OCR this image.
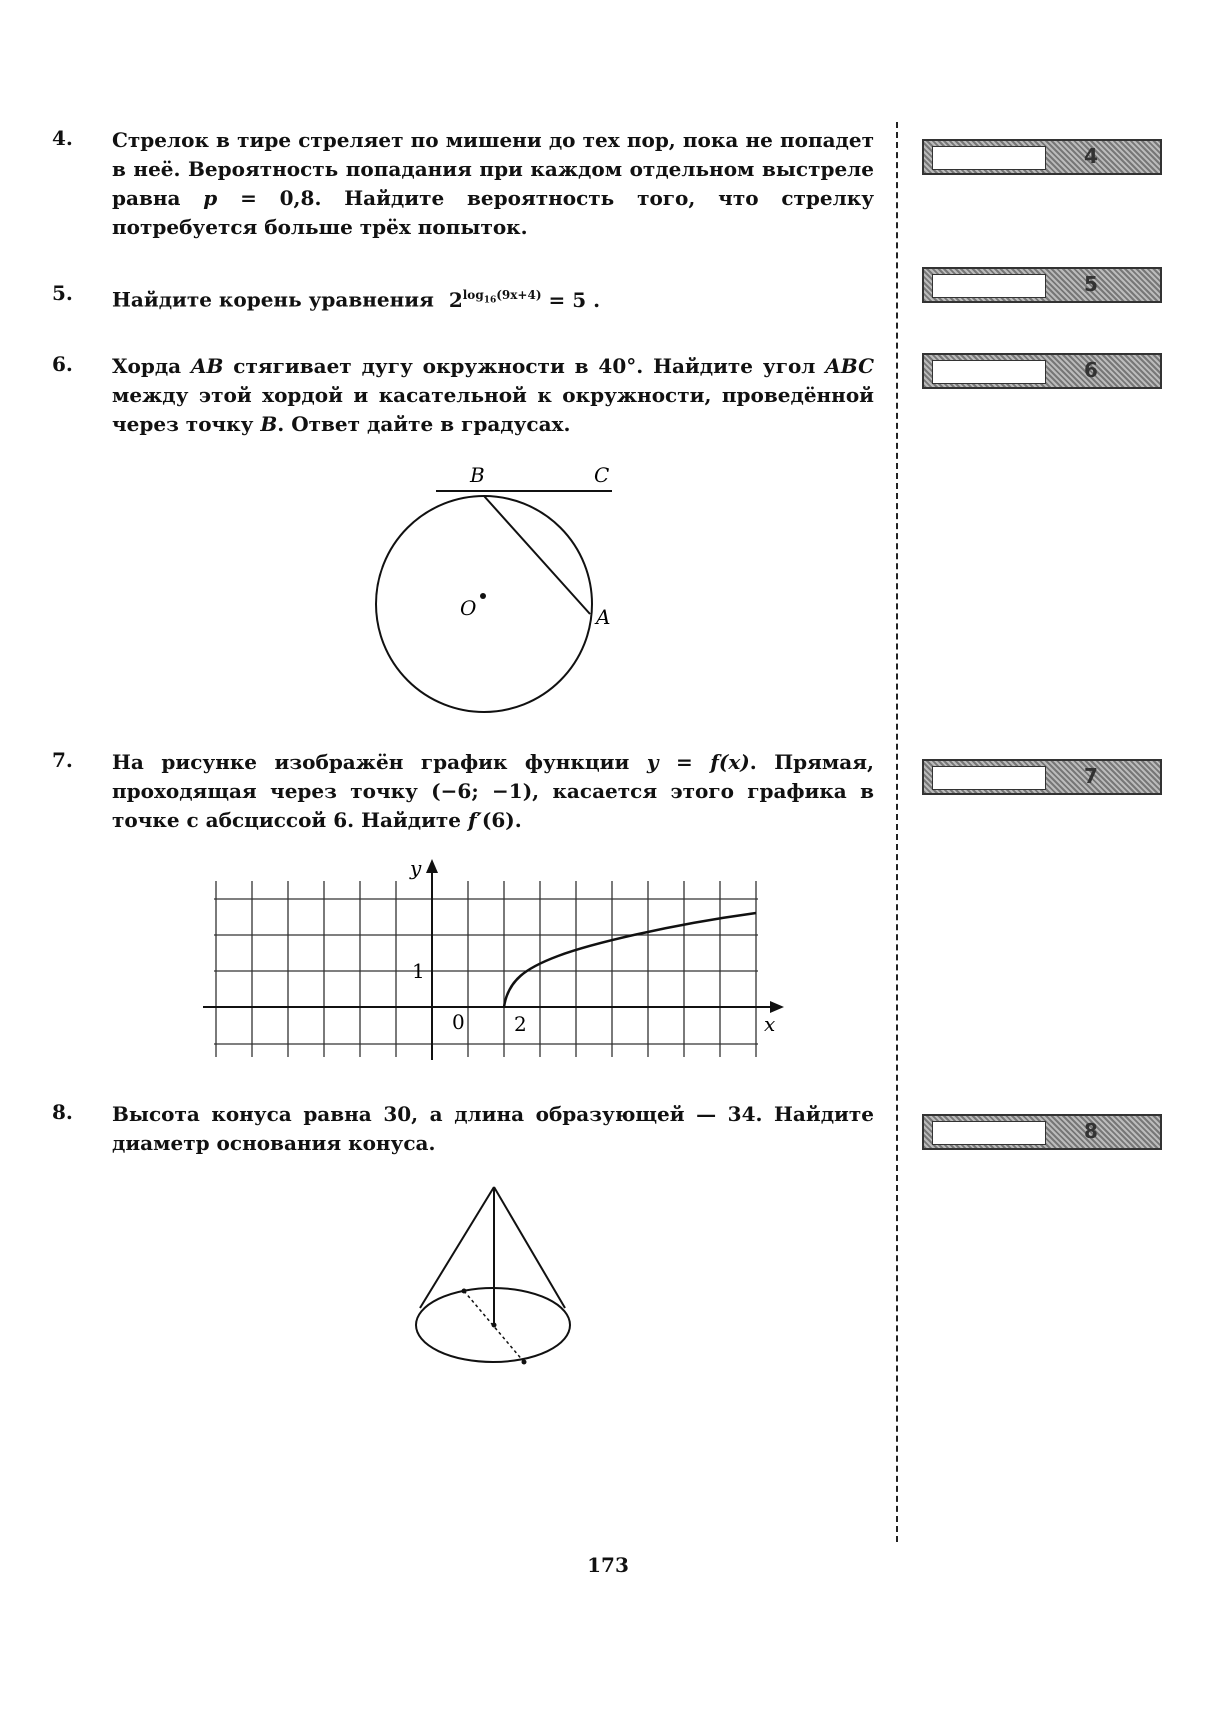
4. Стрелок в тире стреляет по мишени до тех пор, пока не попадет в неё. Вероятность попадания при каждом отдельном выстреле равна p = 0,8. Найдите вероятность того, что стрелку потребуется больше трёх попыток.
5. Найдите корень уравнения $2^{log_{16}(9x+4)} = 5$ .
6. Хорда AB стягивает дугу окружности в 40°. Найдите угол ABC между этой хордой и касательной к окружности, проведённой через точку B. Ответ дайте в градусах.
B	C
O	A
7. На рисунке изображён график функции y = f(x). Прямая, проходящая через точку (−6; −1), касается этого графика в точке с абсциссой 6. Найдите f′(6).
y
x
1
0 2
8. Высота конуса равна 30, а длина образующей — 34. Найдите диаметр основания конуса.
4
5
6
7
8
173
